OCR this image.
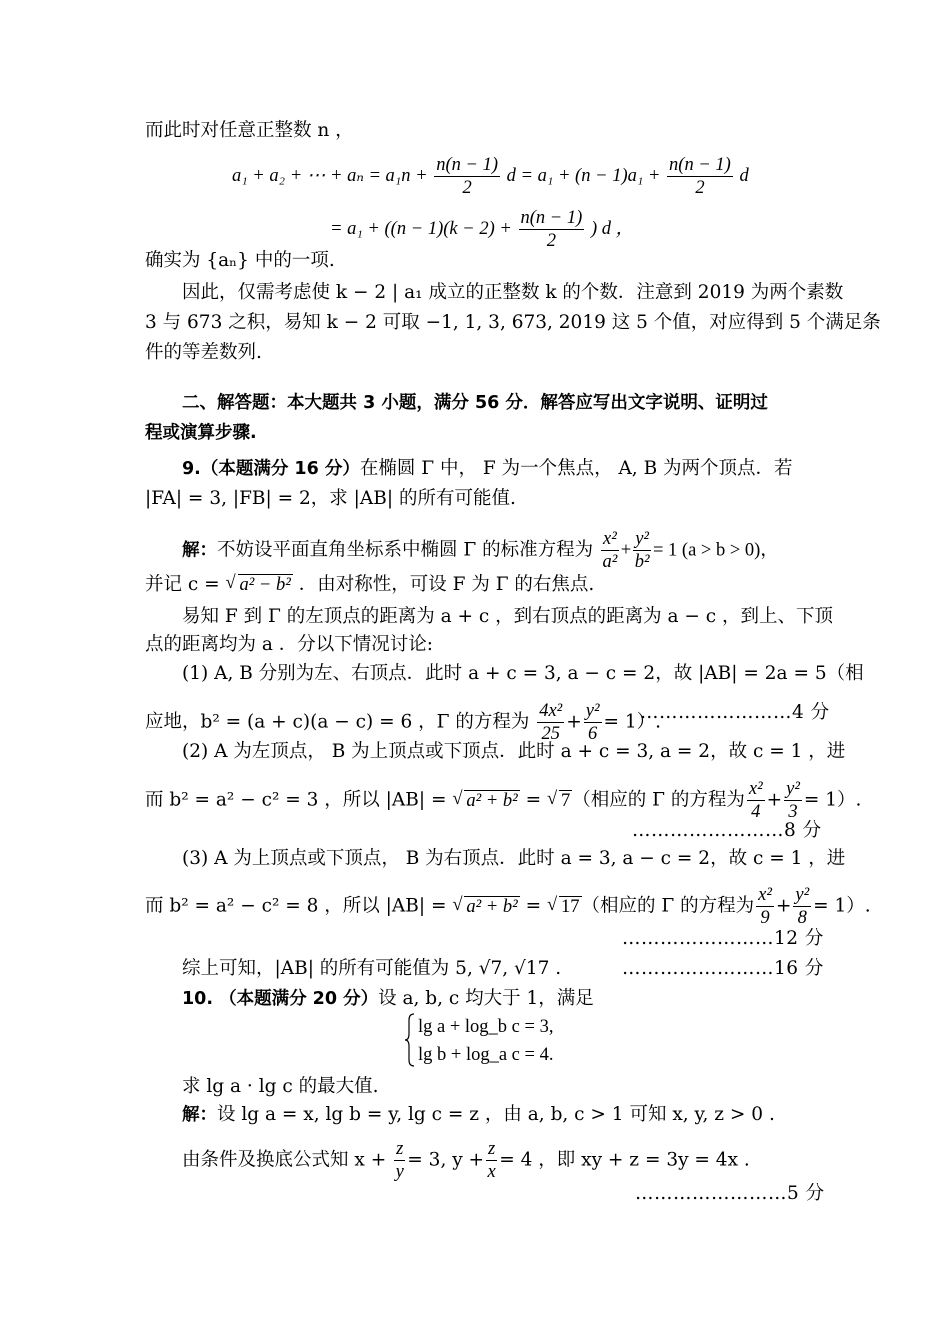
而此时对任意正整数 n ，
a₁ + a₂ + ⋯ + $a_n = a_1n + \frac{n(n - 1)}{2}$ $d = a_1 + (n - 1)a_1 + \frac{n(n - 1)}{2}$ d
= $a_1 + ((n - 1)(k - 2) + \frac{n(n - 1)}{2}$ ) d ，
确实为 {aₙ} 中的一项.
因此，仅需考虑使 k − 2 | a₁ 成立的正整数 k 的个数．注意到 2019 为两个素数
3 与 673 之积，易知 k − 2 可取 −1, 1, 3, 673, 2019 这 5 个值，对应得到 5 个满足条
件的等差数列.
二、解答题：本大题共 3 小题，满分 56 分．解答应写出文字说明、证明过
程或演算步骤.
9.（本题满分 16 分）在椭圆 Γ 中， F 为一个焦点， A, B 为两个顶点．若
|FA| = 3, |FB| = 2，求 |AB| 的所有可能值.
解：不妨设平面直角坐标系中椭圆 Γ 的标准方程为 $\frac{\text{x²}}{\text{a²}} + \frac{\text{y²}}{\text{b²}} = 1$ (a > b > 0)，
并记 c = √ a² − b² ．由对称性，可设 F 为 Γ 的右焦点.
易知 F 到 Γ 的左顶点的距离为 a + c ，到右顶点的距离为 a − c ，到上、下顶
点的距离均为 a ．分以下情况讨论:
(1) A, B 分别为左、右顶点．此时 a + c = 3, a − c = 2，故 |AB| = 2a = 5（相
应地，b² = (a + c)(a − c) = 6 ，Γ 的方程为 $\frac{\text{4x²}}{25} + \frac{\text{y²}}{6} = 1$）.
……………………4 分
(2) A 为左顶点， B 为上顶点或下顶点．此时 a + c = 3, a = 2，故 c = 1 ，进
而 b² = a² − c² = 3 ，所以 |AB| = √ a² + b² = √ 7 （相应的 Γ 的方程为 $\frac{\text{x²}}{4} + \frac{\text{y²}}{3} = 1$）.
……………………8 分
(3) A 为上顶点或下顶点， B 为右顶点．此时 a = 3, a − c = 2，故 c = 1 ，进
而 b² = a² − c² = 8 ，所以 |AB| = √ a² + b² = √ 17 （相应的 Γ 的方程为 $\frac{\text{x²}}{9} + \frac{\text{y²}}{8} = 1$）.
……………………12 分
综上可知，|AB| 的所有可能值为 5, √7, √17 .	……………………16 分
10. （本题满分 20 分）设 a, b, c 均大于 1，满足
lg a + log_b c = 3,
lg b + log_a c = 4.
求 lg a · lg c 的最大值.
解：设 lg a = x, lg b = y, lg c = z ，由 a, b, c > 1 可知 x, y, z > 0 .
由条件及换底公式知 $x + \frac{z}{y} = 3$, $y + \frac{z}{x} = 4$ ，即 xy + z = 3y = 4x .
……………………5 分
